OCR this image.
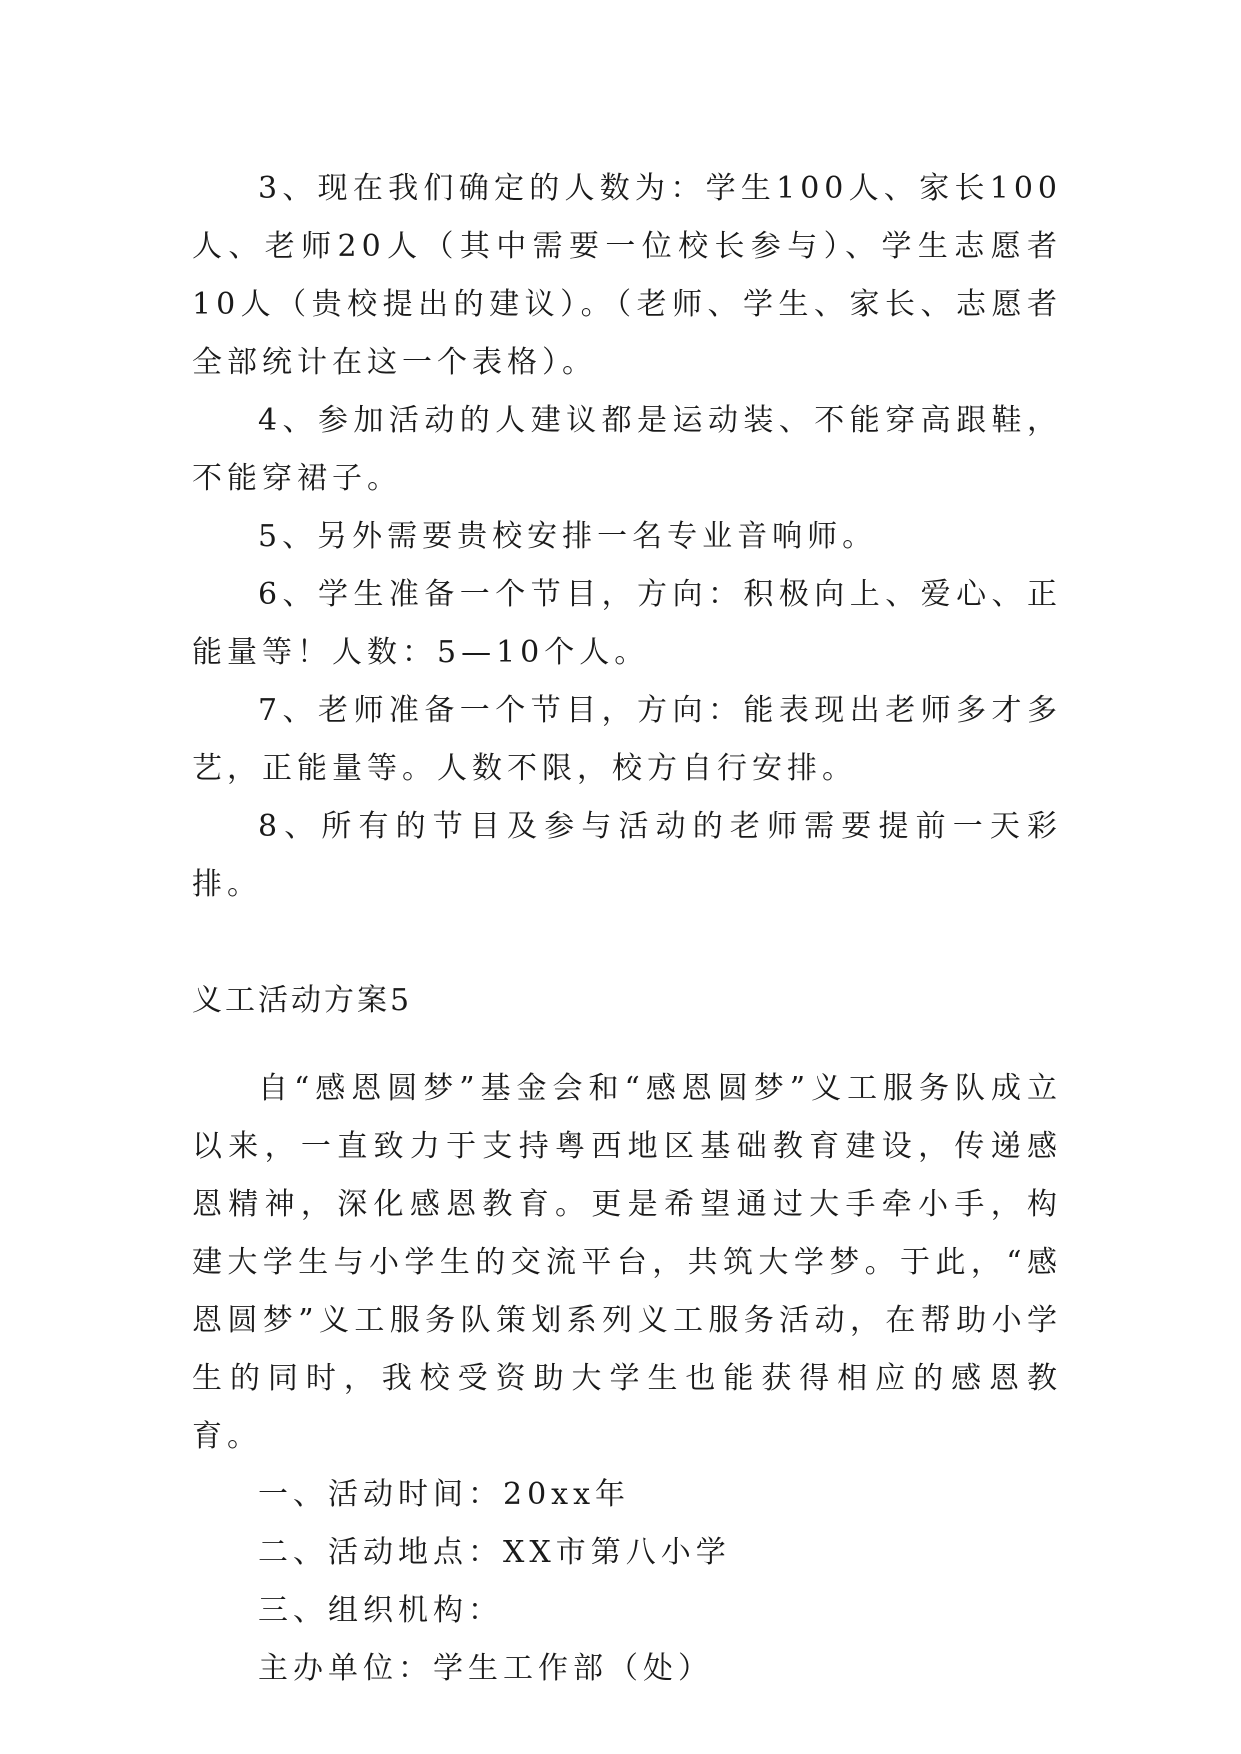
3、现在我们确定的人数为：学生100人、家长100人、老师20人（其中需要一位校长参与）、学生志愿者10人（贵校提出的建议）。（老师、学生、家长、志愿者全部统计在这一个表格）。

4、参加活动的人建议都是运动装、不能穿高跟鞋，不能穿裙子。

5、另外需要贵校安排一名专业音响师。

6、学生准备一个节目，方向：积极向上、爱心、正能量等！人数：5—10个人。

7、老师准备一个节目，方向：能表现出老师多才多艺，正能量等。人数不限，校方自行安排。

8、所有的节目及参与活动的老师需要提前一天彩排。

义工活动方案5

自“感恩圆梦”基金会和“感恩圆梦”义工服务队成立以来，一直致力于支持粤西地区基础教育建设，传递感恩精神，深化感恩教育。更是希望通过大手牵小手，构建大学生与小学生的交流平台，共筑大学梦。于此，“感恩圆梦”义工服务队策划系列义工服务活动，在帮助小学生的同时，我校受资助大学生也能获得相应的感恩教育。

一、活动时间：20xx年

二、活动地点：XX市第八小学

三、组织机构：

主办单位：学生工作部（处）
